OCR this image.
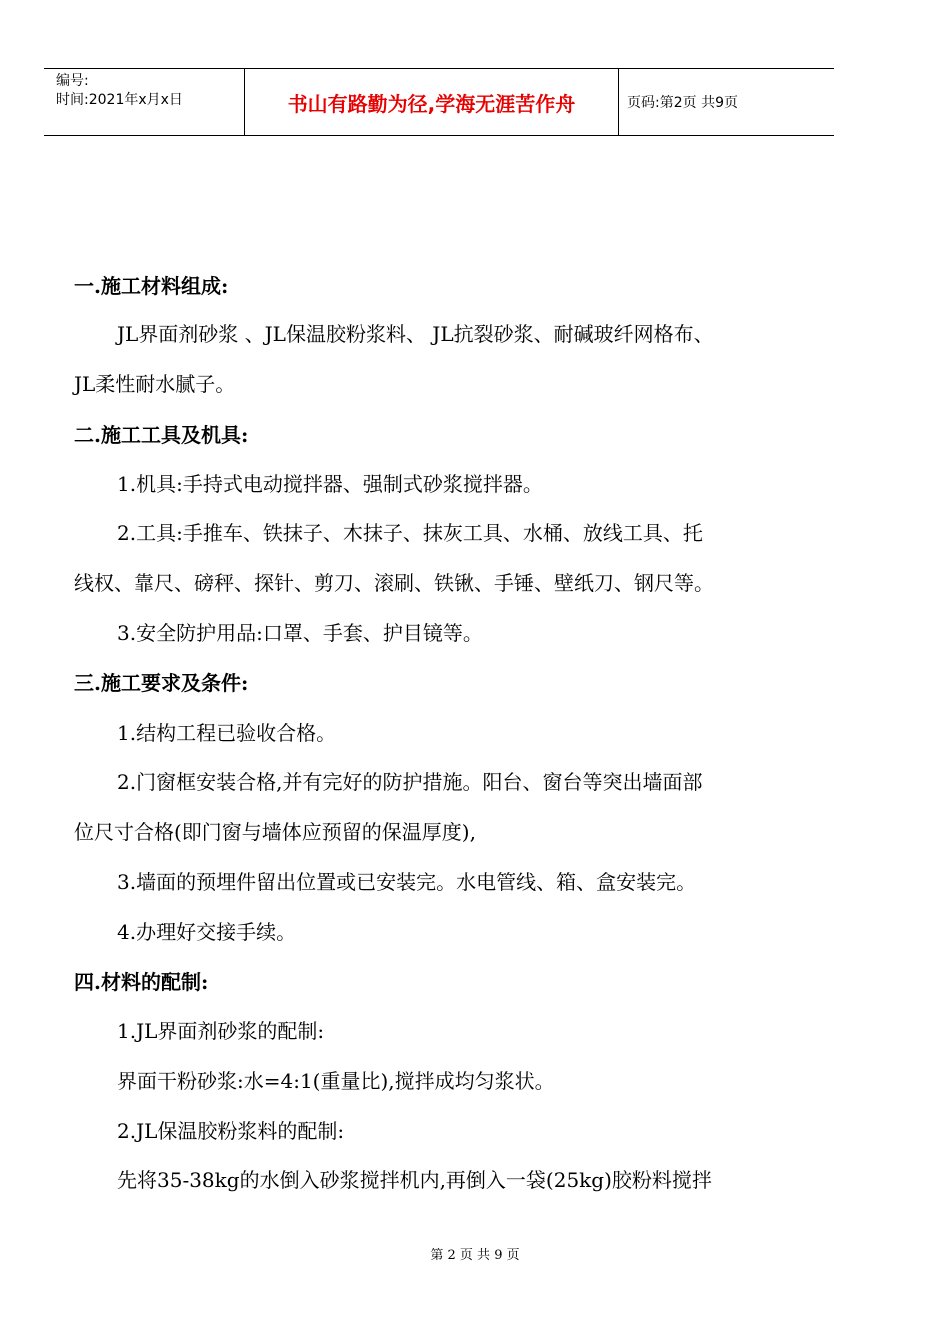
编号:
时间:2021年x月x日	书山有路勤为径,学海无涯苦作舟	页码:第2页 共9页
一.施工材料组成:
JL界面剂砂浆 、JL保温胶粉浆料、 JL抗裂砂浆、耐碱玻纤网格布、
JL柔性耐水腻子。
二.施工工具及机具:
1.机具:手持式电动搅拌器、强制式砂浆搅拌器。
2.工具:手推车、铁抹子、木抹子、抹灰工具、水桶、放线工具、托
线权、靠尺、磅秤、探针、剪刀、滚刷、铁锹、手锤、壁纸刀、钢尺等。
3.安全防护用品:口罩、手套、护目镜等。
三.施工要求及条件:
1.结构工程已验收合格。
2.门窗框安装合格,并有完好的防护措施。阳台、窗台等突出墙面部
位尺寸合格(即门窗与墙体应预留的保温厚度),
3.墙面的预埋件留出位置或已安装完。水电管线、箱、盒安装完。
4.办理好交接手续。
四.材料的配制:
1.JL界面剂砂浆的配制:
界面干粉砂浆:水=4:1(重量比),搅拌成均匀浆状。
2.JL保温胶粉浆料的配制:
先将35-38kg的水倒入砂浆搅拌机内,再倒入一袋(25kg)胶粉料搅拌
第 2 页 共 9 页
